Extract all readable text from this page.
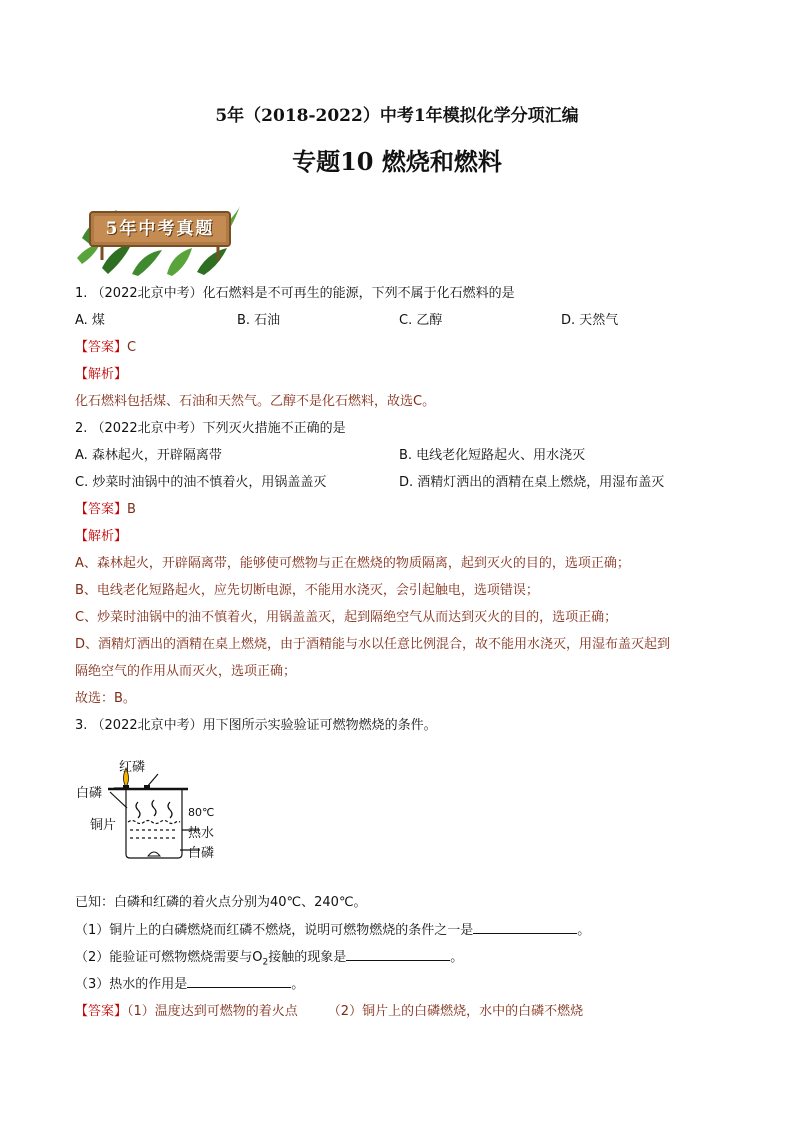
5年（2018-2022）中考1年模拟化学分项汇编
专题10 燃烧和燃料
5年中考真题
1. （2022北京中考）化石燃料是不可再生的能源，下列不属于化石燃料的是
A. 煤	B. 石油	C. 乙醇	D. 天然气
【答案】C
【解析】
化石燃料包括煤、石油和天然气。乙醇不是化石燃料，故选C。
2. （2022北京中考）下列灭火措施不正确的是
A. 森林起火，开辟隔离带	B. 电线老化短路起火、用水浇灭
C. 炒菜时油锅中的油不慎着火，用锅盖盖灭	D. 酒精灯洒出的酒精在桌上燃烧，用湿布盖灭
【答案】B
【解析】
A、森林起火，开辟隔离带，能够使可燃物与正在燃烧的物质隔离，起到灭火的目的，选项正确；
B、电线老化短路起火，应先切断电源，不能用水浇灭，会引起触电，选项错误；
C、炒菜时油锅中的油不慎着火，用锅盖盖灭，起到隔绝空气从而达到灭火的目的，选项正确；
D、酒精灯洒出的酒精在桌上燃烧，由于酒精能与水以任意比例混合，故不能用水浇灭，用湿布盖灭起到
隔绝空气的作用从而灭火，选项正确；
故选：B。
3. （2022北京中考）用下图所示实验验证可燃物燃烧的条件。
红磷
白磷
铜片
80℃
热水
白磷
已知：白磷和红磷的着火点分别为40℃、240℃。
（1）铜片上的白磷燃烧而红磷不燃烧，说明可燃物燃烧的条件之一是	。
（2）能验证可燃物燃烧需要与$O_2$接触的现象是	。
（3）热水的作用是	。
【答案】（1）温度达到可燃物的着火点 （2）铜片上的白磷燃烧，水中的白磷不燃烧
